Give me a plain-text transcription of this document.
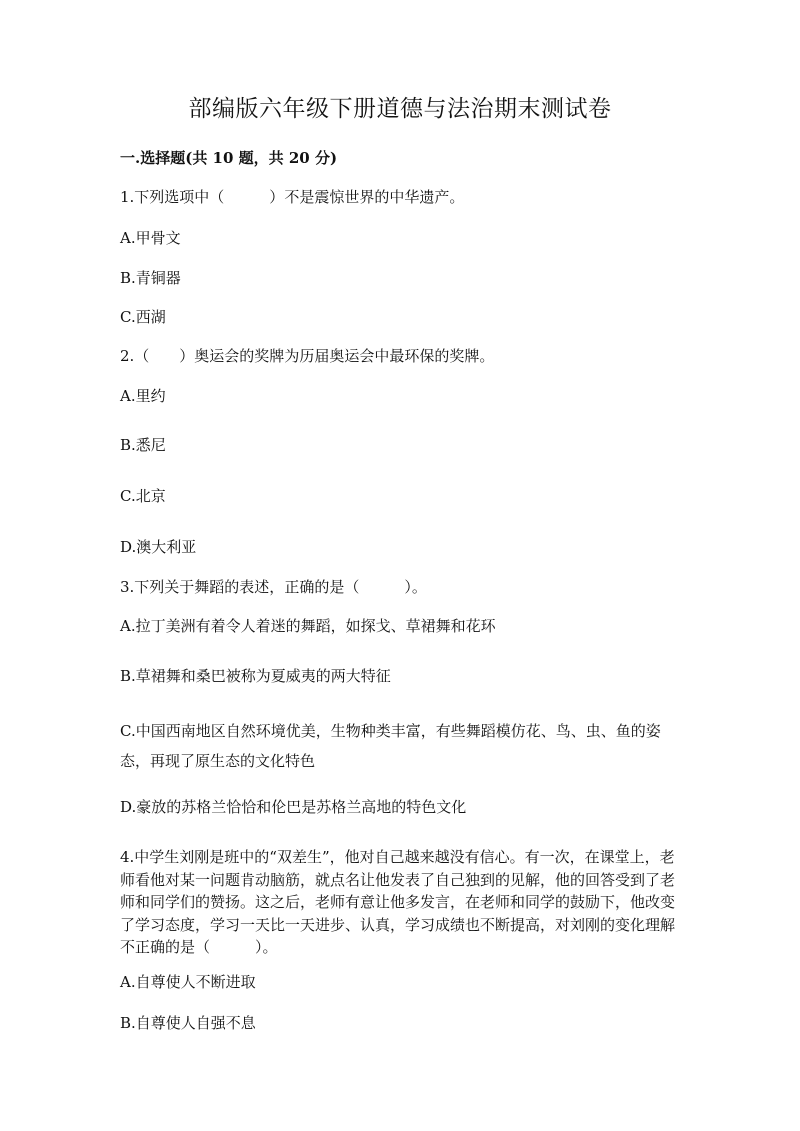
部编版六年级下册道德与法治期末测试卷
一.选择题(共 10 题，共 20 分)
1.下列选项中（　　　）不是震惊世界的中华遗产。
A.甲骨文
B.青铜器
C.西湖
2.（　　）奥运会的奖牌为历届奥运会中最环保的奖牌。
A.里约
B.悉尼
C.北京
D.澳大利亚
3.下列关于舞蹈的表述，正确的是（　　　）。
A.拉丁美洲有着令人着迷的舞蹈，如探戈、草裙舞和花环
B.草裙舞和桑巴被称为夏威夷的两大特征
C.中国西南地区自然环境优美，生物种类丰富，有些舞蹈模仿花、鸟、虫、鱼的姿　态，再现了原生态的文化特色
D.豪放的苏格兰恰恰和伦巴是苏格兰高地的特色文化
4.中学生刘刚是班中的“双差生”，他对自己越来越没有信心。有一次，在课堂上，老师看他对某一问题肯动脑筋，就点名让他发表了自己独到的见解，他的回答受到了老师和同学们的赞扬。这之后，老师有意让他多发言，在老师和同学的鼓励下，他改变了学习态度，学习一天比一天进步、认真，学习成绩也不断提高，对刘刚的变化理解不正确的是（　　　）。
A.自尊使人不断进取
B.自尊使人自强不息
